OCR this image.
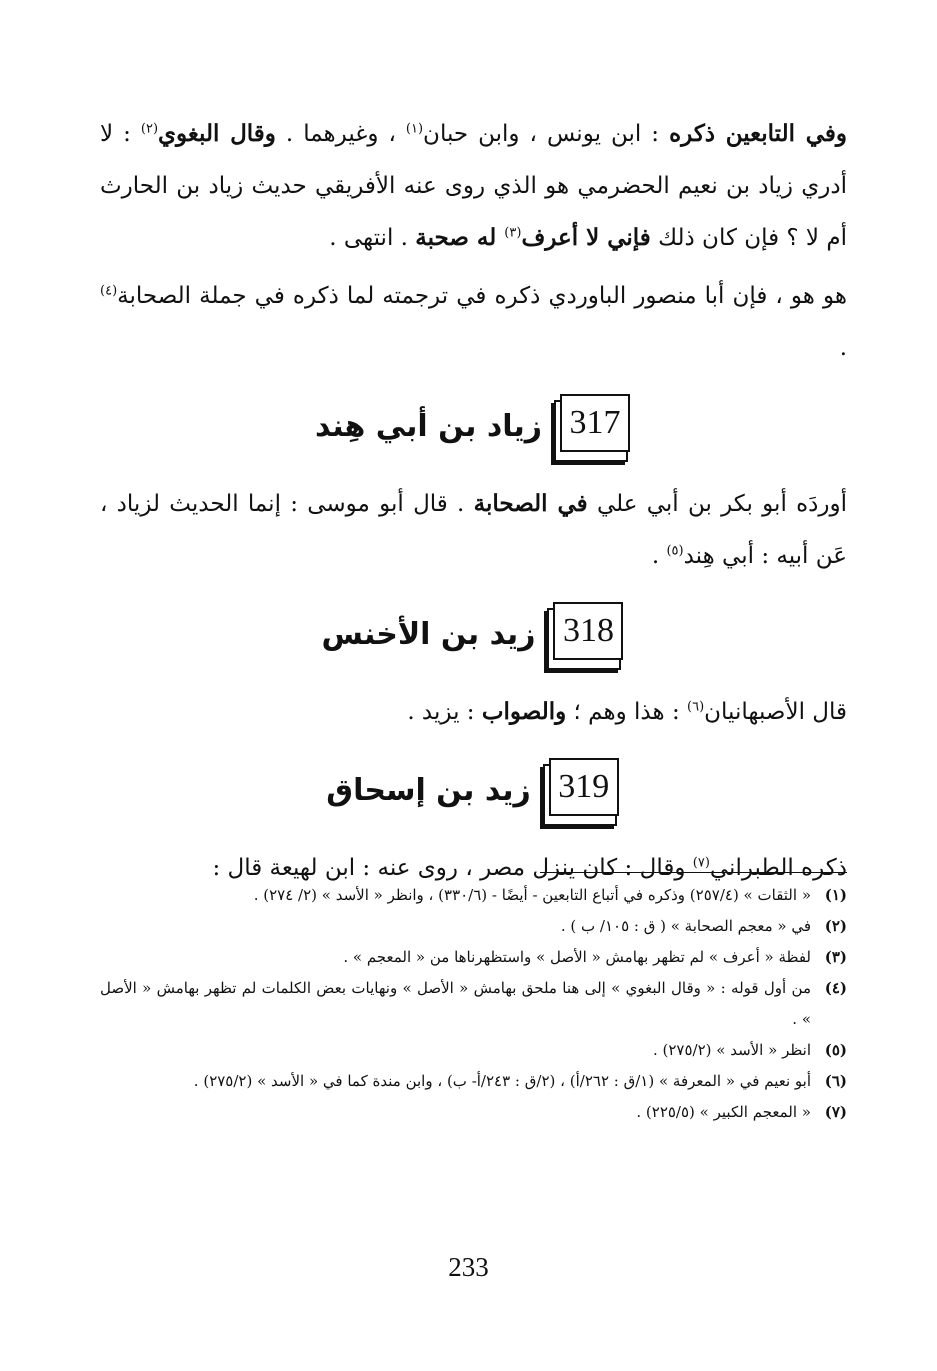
وفي التابعين ذكره : ابن يونس ، وابن حبان$^{(١)}$ ، وغيرهما . وقال البغوي$^{(٢)}$ : لا أدري زياد بن نعيم الحضرمي هو الذي روى عنه الأفريقي حديث زياد بن الحارث أم لا ؟ فإن كان ذلك فإني لا أعرف$^{(٣)}$ له صحبة . انتهى .

هو هو ، فإن أبا منصور الباوردي ذكره في ترجمته لما ذكره في جملة الصحابة$^{(٤)}$ .

317
زياد بن أبي هِند

أوردَه أبو بكر بن أبي علي في الصحابة . قال أبو موسى : إنما الحديث لزياد ، عَن أبيه : أبي هِند$^{(٥)}$ .

318
زيد بن الأخنس

قال الأصبهانيان$^{(٦)}$ : هذا وهم ؛ والصواب : يزيد .

319
زيد بن إسحاق

ذكره الطبراني$^{(٧)}$ وقال : كان ينزل مصر ، روى عنه : ابن لهيعة قال :

(١)
« الثقات » (٢٥٧/٤) وذكره في أتباع التابعين - أيضًا - (٣٣٠/٦) ، وانظر « الأسد » (٢/ ٢٧٤) .
(٢)
في « معجم الصحابة » ( ق : ١٠٥/ ب ) .
(٣)
لفظة « أعرف » لم تظهر بهامش « الأصل » واستظهرناها من « المعجم » .
(٤)
من أول قوله : « وقال البغوي » إلى هنا ملحق بهامش « الأصل » ونهايات بعض الكلمات لم تظهر بهامش « الأصل » .
(٥)
انظر « الأسد » (٢٧٥/٢) .
(٦)
أبو نعيم في « المعرفة » (١/ق : ٢٦٢/أ) ، (٢/ق : ٢٤٣/أ- ب) ، وابن مندة كما في « الأسد » (٢٧٥/٢) .
(٧)
« المعجم الكبير » (٢٢٥/٥) .
233
